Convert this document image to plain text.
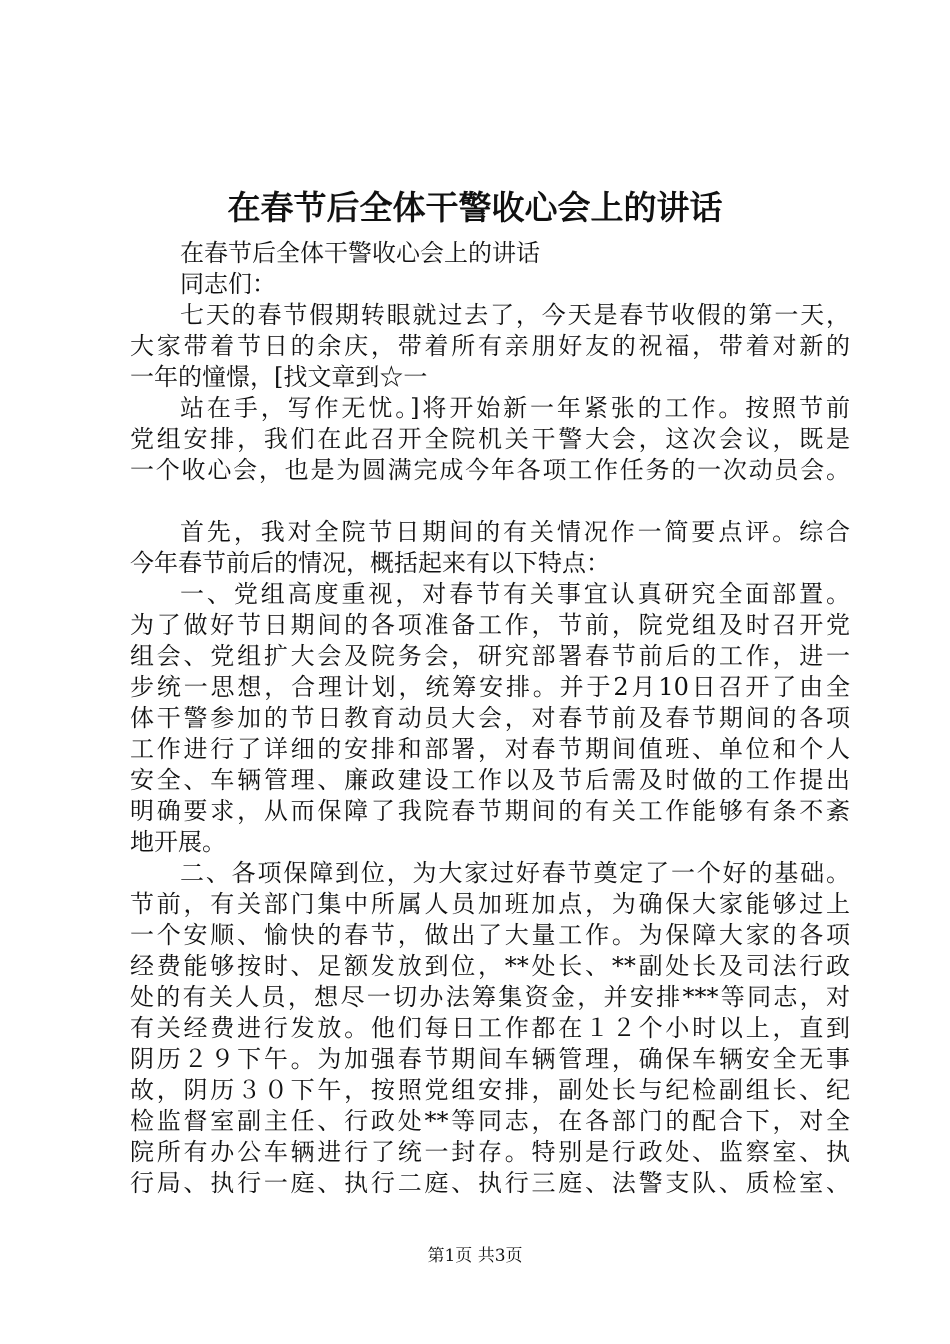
在春节后全体干警收心会上的讲话
在春节后全体干警收心会上的讲话
同志们：
七天的春节假期转眼就过去了，今天是春节收假的第一天，
大家带着节日的余庆，带着所有亲朋好友的祝福，带着对新的
一年的憧憬，[找文章到☆一
站在手，写作无忧。]将开始新一年紧张的工作。按照节前
党组安排，我们在此召开全院机关干警大会，这次会议，既是
一个收心会，也是为圆满完成今年各项工作任务的一次动员会。
首先，我对全院节日期间的有关情况作一简要点评。综合
今年春节前后的情况，概括起来有以下特点：
一、党组高度重视，对春节有关事宜认真研究全面部置。
为了做好节日期间的各项准备工作，节前，院党组及时召开党
组会、党组扩大会及院务会，研究部署春节前后的工作，进一
步统一思想，合理计划，统筹安排。并于2月10日召开了由全
体干警参加的节日教育动员大会，对春节前及春节期间的各项
工作进行了详细的安排和部署，对春节期间值班、单位和个人
安全、车辆管理、廉政建设工作以及节后需及时做的工作提出
明确要求，从而保障了我院春节期间的有关工作能够有条不紊
地开展。
二、各项保障到位，为大家过好春节奠定了一个好的基础。
节前，有关部门集中所属人员加班加点，为确保大家能够过上
一个安顺、愉快的春节，做出了大量工作。为保障大家的各项
经费能够按时、足额发放到位，**处长、**副处长及司法行政
处的有关人员，想尽一切办法筹集资金，并安排***等同志，对
有关经费进行发放。他们每日工作都在１２个小时以上，直到
阴历２９下午。为加强春节期间车辆管理，确保车辆安全无事
故，阴历３０下午，按照党组安排，副处长与纪检副组长、纪
检监督室副主任、行政处**等同志，在各部门的配合下，对全
院所有办公车辆进行了统一封存。特别是行政处、监察室、执
行局、执行一庭、执行二庭、执行三庭、法警支队、质检室、
第1页 共3页
